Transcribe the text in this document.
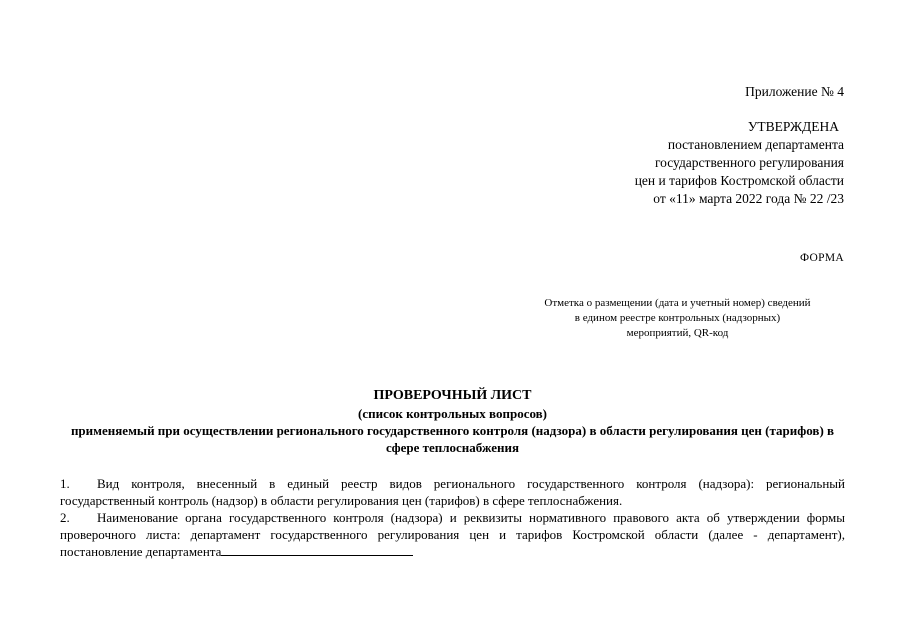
Приложение № 4
УТВЕРЖДЕНА
постановлением департамента
государственного регулирования
цен и тарифов Костромской области
от «11» марта 2022 года № 22 /23
ФОРМА
Отметка о размещении (дата и учетный номер) сведений
в едином реестре контрольных (надзорных)
мероприятий, QR-код
ПРОВЕРОЧНЫЙ ЛИСТ
(список контрольных вопросов)
применяемый при осуществлении регионального государственного контроля (надзора) в области регулирования цен (тарифов) в сфере теплоснабжения
1. Вид контроля, внесенный в единый реестр видов регионального государственного контроля (надзора): региональный государственный контроль (надзор) в области регулирования цен (тарифов) в сфере теплоснабжения.
2. Наименование органа государственного контроля (надзора) и реквизиты нормативного правового акта об утверждении формы проверочного листа: департамент государственного регулирования цен и тарифов Костромской области (далее - департамент), постановление департамента
